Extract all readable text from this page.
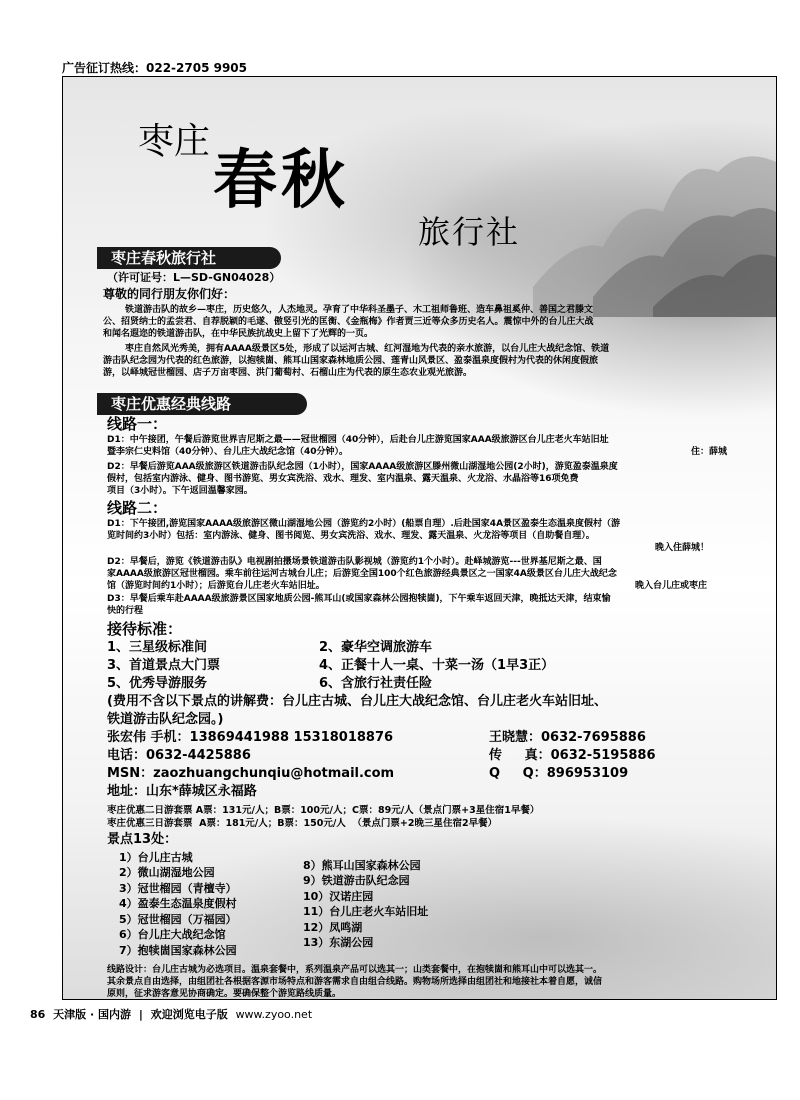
广告征订热线：022-2705 9905
枣庄
春秋
旅行社
枣庄春秋旅行社
（许可证号：L—SD-GN04028）
尊敬的同行朋友你们好：
铁道游击队的故乡—枣庄，历史悠久，人杰地灵。孕育了中华科圣墨子、木工祖师鲁班、造车鼻祖奚仲、善国之君滕文
公、招贤纳士的孟尝君、自荐脱颖的毛遂、傲竖引光的匡衡、《金瓶梅》作者贾三近等众多历史名人。震惊中外的台儿庄大战
和闻名遐迩的铁道游击队，在中华民族抗战史上留下了光辉的一页。
枣庄自然风光秀美，拥有AAAA级景区5处，形成了以运河古城、红河湿地为代表的亲水旅游，以台儿庄大战纪念馆、铁道
游击队纪念园为代表的红色旅游，以抱犊崮、熊耳山国家森林地质公园、莲青山风景区、盈泰温泉度假村为代表的休闲度假旅
游，以峄城冠世榴园、店子万亩枣园、洪门葡萄村、石榴山庄为代表的原生态农业观光旅游。
枣庄优惠经典线路
线路一：
D1：中午接团，午餐后游览世界吉尼斯之最——冠世榴园（40分钟），后赴台儿庄游览国家AAA级旅游区台儿庄老火车站旧址
暨李宗仁史料馆（40分钟）、台儿庄大战纪念馆（40分钟）。	住：薛城
D2：早餐后游览AAA级旅游区铁道游击队纪念园（1小时），国家AAAA级旅游区滕州微山湖湿地公园(2小时)，游览盈泰温泉度
假村，包括室内游泳、健身、图书游览、男女宾洗浴、戏水、理发、室内温泉、露天温泉、火龙浴、水晶浴等16项免费
项目（3小时）。下午返回温馨家园。
线路二：
D1：下午接团,游览国家AAAA级旅游区微山湖湿地公园（游览约2小时）(船票自理）.后赴国家4A景区盈泰生态温泉度假村（游
览时间约3小时）包括：室内游泳、健身、图书阅览、男女宾洗浴、戏水、理发、露天温泉、火龙浴等项目（自助餐自理）。
晚入住薛城！
D2：早餐后，游览《铁道游击队》电视剧拍摄场景铁道游击队影视城（游览约1个小时）。赴峄城游览---世界基尼斯之最、国
家AAAA级旅游区冠世榴园。乘车前往运河古城台儿庄；后游览全国100个红色旅游经典景区之一国家4A级景区台儿庄大战纪念
馆（游览时间约1小时）；后游览台儿庄老火车站旧址。	晚入台儿庄或枣庄
D3：早餐后乘车赴AAAA级旅游景区国家地质公园-熊耳山(或国家森林公园抱犊崮)，下午乘车返回天津，晚抵达天津，结束愉
快的行程
接待标准：
1、三星级标准间	2、豪华空调旅游车
3、首道景点大门票	4、正餐十人一桌、十菜一汤（1早3正）
5、优秀导游服务	6、含旅行社责任险
(费用不含以下景点的讲解费：台儿庄古城、台儿庄大战纪念馆、台儿庄老火车站旧址、
铁道游击队纪念园。)
张宏伟 手机：13869441988 15318018876	王晓慧：0632-7695886
电话：0632-4425886	传     真：0632-5195886
MSN：zaozhuangchunqiu@hotmail.com	Q     Q：896953109
地址：山东*薛城区永福路
枣庄优惠二日游套票 A票：131元/人；B票：100元/人；C票：89元/人（景点门票+3星住宿1早餐）
枣庄优惠三日游套票  A票：181元/人；B票：150元/人  （景点门票+2晚三星住宿2早餐）
景点13处：
1）台儿庄古城
2）微山湖湿地公园
3）冠世榴园（青檀寺）
4）盈泰生态温泉度假村
5）冠世榴园（万福园）
6）台儿庄大战纪念馆
7）抱犊崮国家森林公园
8）熊耳山国家森林公园
9）铁道游击队纪念园
10）汉诺庄园
11）台儿庄老火车站旧址
12）凤鸣湖
13）东湖公园
线路设计：台儿庄古城为必选项目。温泉套餐中，系列温泉产品可以选其一；山类套餐中，在抱犊崮和熊耳山中可以选其一。
其余景点自由选择，由组团社各根据客源市场特点和游客需求自由组合线路。购物场所选择由组团社和地接社本着自愿，诚信
原则，征求游客意见协商确定。要确保整个游览路线质量。
86 天津版 · 国内游 | 欢迎浏览电子版 www.zyoo.net
